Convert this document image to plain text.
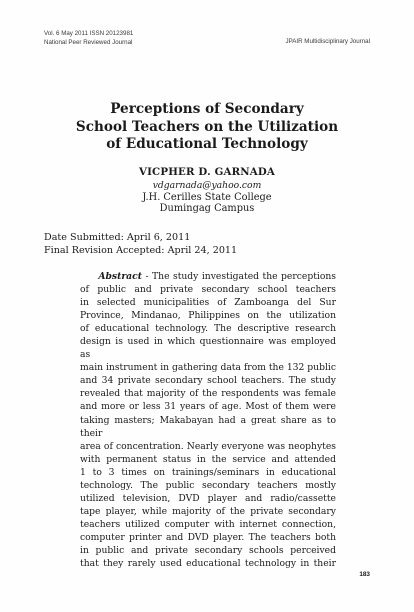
Vol. 6 May 2011 ISSN 20123981
National Peer Reviewed Journal	JPAIR Multidisciplinary Journal
Perceptions of Secondary
School Teachers on the Utilization
of Educational Technology
VICPHER D. GARNADA
vdgarnada@yahoo.com
J.H. Cerilles State College
Dumingag Campus
Date Submitted: April 6, 2011
Final Revision Accepted: April 24, 2011
  Abstract - The study investigated the perceptions
of public and private secondary school teachers
in selected municipalities of Zamboanga del Sur
Province, Mindanao, Philippines on the utilization
of educational technology. The descriptive research
design is used in which questionnaire was employed as
main instrument in gathering data from the 132 public
and 34 private secondary school teachers. The study
revealed that majority of the respondents was female
and more or less 31 years of age. Most of them were
taking masters; Makabayan had a great share as to their
area of concentration. Nearly everyone was neophytes
with permanent status in the service and attended
1 to 3 times on trainings/seminars in educational
technology. The public secondary teachers mostly
utilized television, DVD player and radio/cassette
tape player, while majority of the private secondary
teachers utilized computer with internet connection,
computer printer and DVD player. The teachers both
in public and private secondary schools perceived
that they rarely used educational technology in their
183
